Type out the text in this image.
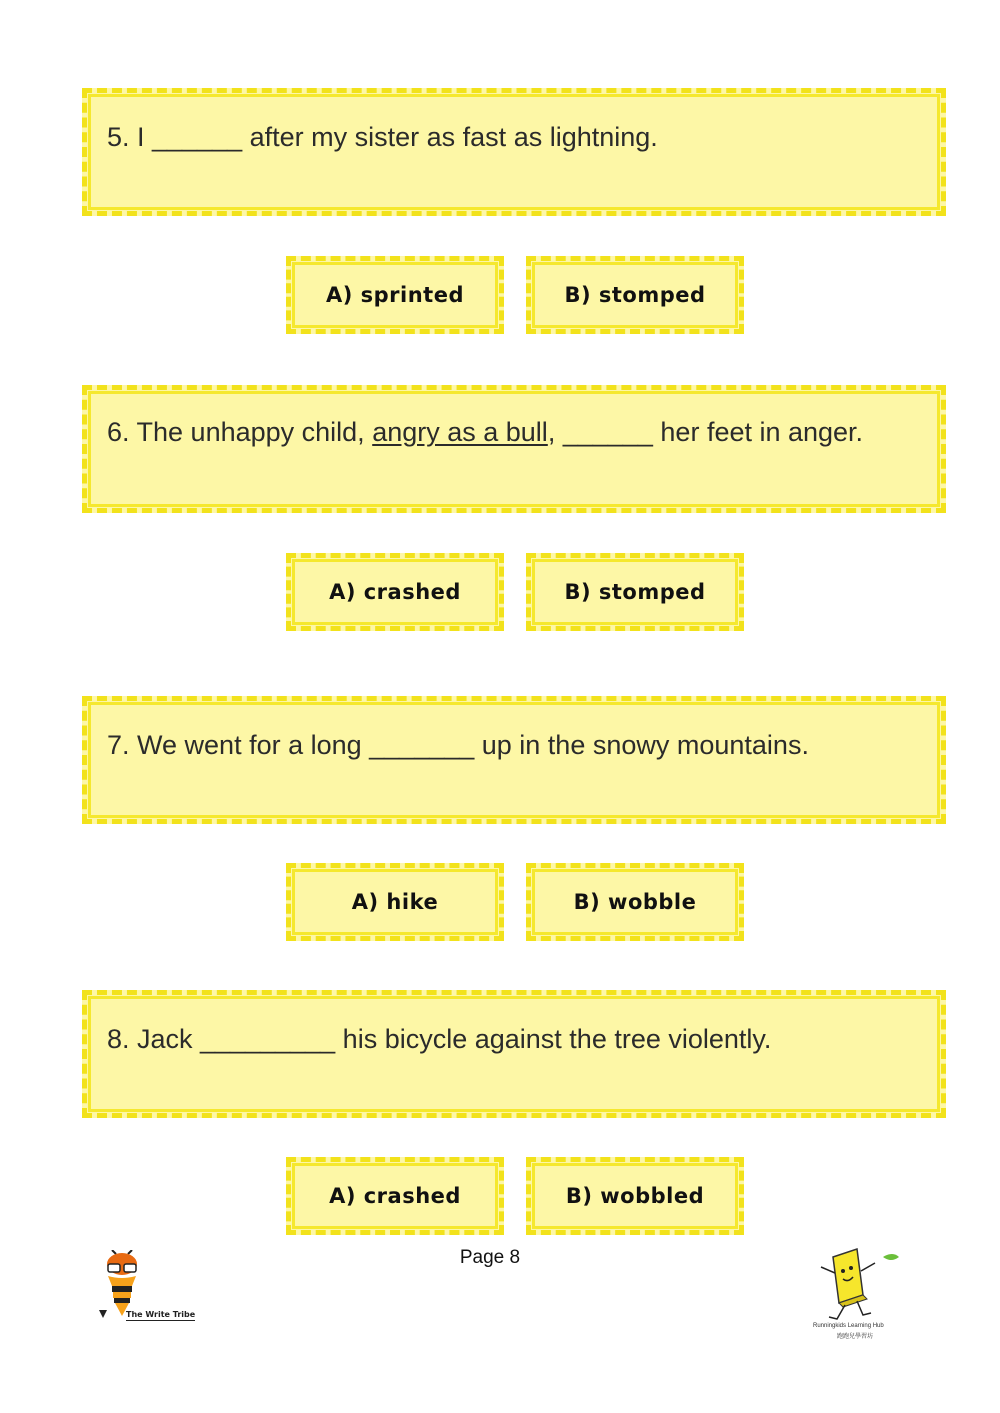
5. I ______ after my sister as fast as lightning.
A) sprinted	B) stomped
6. The unhappy child, angry as a bull, ______ her feet in anger.
A) crashed	B) stomped
7. We went for a long _______ up in the snowy mountains.
A) hike	B) wobble
8. Jack _________ his bicycle against the tree violently.
A) crashed	B) wobbled
Page 8
The Write Tribe
Runningkids Learning Hub
跑跑兒學習坊
